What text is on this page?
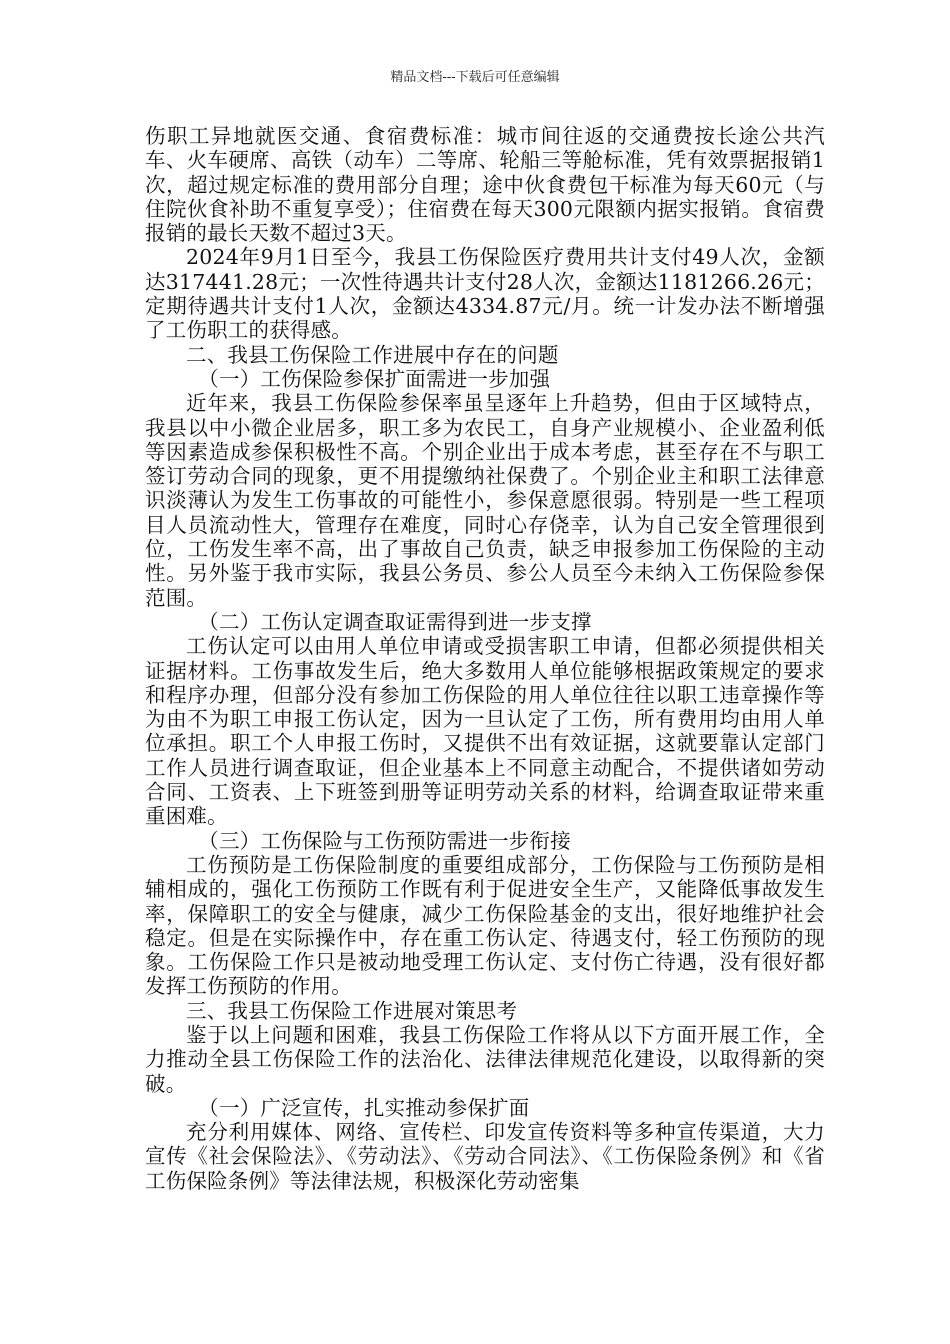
精品文档---下载后可任意编辑

伤职工异地就医交通、食宿费标准：城市间往返的交通费按长途公共汽车、火车硬席、高铁（动车）二等席、轮船三等舱标准，凭有效票据报销1次，超过规定标准的费用部分自理；途中伙食费包干标准为每天60元（与住院伙食补助不重复享受）；住宿费在每天300元限额内据实报销。食宿费报销的最长天数不超过3天。

2024年9月1日至今，我县工伤保险医疗费用共计支付49人次，金额达317441.28元；一次性待遇共计支付28人次，金额达1181266.26元；定期待遇共计支付1人次，金额达4334.87元/月。统一计发办法不断增强了工伤职工的获得感。

二、我县工伤保险工作进展中存在的问题

（一）工伤保险参保扩面需进一步加强

近年来，我县工伤保险参保率虽呈逐年上升趋势，但由于区域特点，我县以中小微企业居多，职工多为农民工，自身产业规模小、企业盈利低等因素造成参保积极性不高。个别企业出于成本考虑，甚至存在不与职工签订劳动合同的现象，更不用提缴纳社保费了。个别企业主和职工法律意识淡薄认为发生工伤事故的可能性小，参保意愿很弱。特别是一些工程项目人员流动性大，管理存在难度，同时心存侥幸，认为自己安全管理很到位，工伤发生率不高，出了事故自己负责，缺乏申报参加工伤保险的主动性。另外鉴于我市实际，我县公务员、参公人员至今未纳入工伤保险参保范围。

（二）工伤认定调查取证需得到进一步支撑

工伤认定可以由用人单位申请或受损害职工申请，但都必须提供相关证据材料。工伤事故发生后，绝大多数用人单位能够根据政策规定的要求和程序办理，但部分没有参加工伤保险的用人单位往往以职工违章操作等为由不为职工申报工伤认定，因为一旦认定了工伤，所有费用均由用人单位承担。职工个人申报工伤时，又提供不出有效证据，这就要靠认定部门工作人员进行调查取证，但企业基本上不同意主动配合，不提供诸如劳动合同、工资表、上下班签到册等证明劳动关系的材料，给调查取证带来重重困难。

（三）工伤保险与工伤预防需进一步衔接

工伤预防是工伤保险制度的重要组成部分，工伤保险与工伤预防是相辅相成的，强化工伤预防工作既有利于促进安全生产，又能降低事故发生率，保障职工的安全与健康，减少工伤保险基金的支出，很好地维护社会稳定。但是在实际操作中，存在重工伤认定、待遇支付，轻工伤预防的现象。工伤保险工作只是被动地受理工伤认定、支付伤亡待遇，没有很好都发挥工伤预防的作用。

三、我县工伤保险工作进展对策思考

鉴于以上问题和困难，我县工伤保险工作将从以下方面开展工作，全力推动全县工伤保险工作的法治化、法律法律规范化建设，以取得新的突破。

（一）广泛宣传，扎实推动参保扩面

充分利用媒体、网络、宣传栏、印发宣传资料等多种宣传渠道，大力宣传《社会保险法》、《劳动法》、《劳动合同法》、《工伤保险条例》和《省工伤保险条例》等法律法规，积极深化劳动密集
